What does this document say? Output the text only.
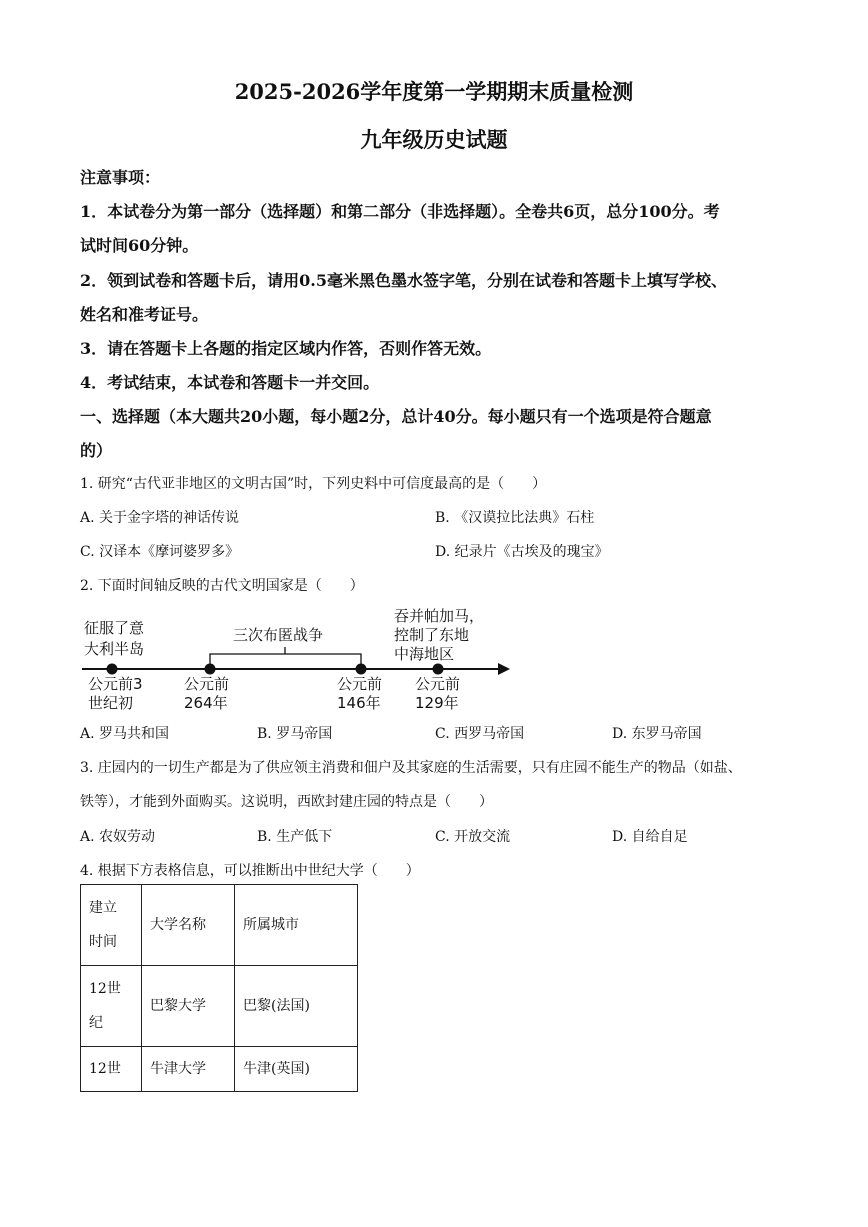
2025-2026学年度第一学期期末质量检测
九年级历史试题
注意事项：
1．本试卷分为第一部分（选择题）和第二部分（非选择题）。全卷共6页，总分100分。考
试时间60分钟。
2．领到试卷和答题卡后，请用0.5毫米黑色墨水签字笔，分别在试卷和答题卡上填写学校、
姓名和准考证号。
3．请在答题卡上各题的指定区域内作答，否则作答无效。
4．考试结束，本试卷和答题卡一并交回。
一、选择题（本大题共20小题，每小题2分，总计40分。每小题只有一个选项是符合题意
的）
1. 研究“古代亚非地区的文明古国”时，下列史料中可信度最高的是（　　）
A. 关于金字塔的神话传说	B. 《汉谟拉比法典》石柱
C. 汉译本《摩诃婆罗多》	D. 纪录片《古埃及的瑰宝》
2. 下面时间轴反映的古代文明国家是（　　）
征服了意
大利半岛
三次布匿战争
吞并帕加马，
控制了东地
中海地区
公元前3
世纪初
公元前
264年
公元前
146年
公元前
129年
A. 罗马共和国	B. 罗马帝国	C. 西罗马帝国	D. 东罗马帝国
3. 庄园内的一切生产都是为了供应领主消费和佃户及其家庭的生活需要，只有庄园不能生产的物品（如盐、
铁等），才能到外面购买。这说明，西欧封建庄园的特点是（　　）
A. 农奴劳动	B. 生产低下	C. 开放交流	D. 自给自足
4. 根据下方表格信息，可以推断出中世纪大学（　　）
建立
时间	大学名称	所属城市
12世
纪	巴黎大学	巴黎(法国)
12世	牛津大学	牛津(英国)
